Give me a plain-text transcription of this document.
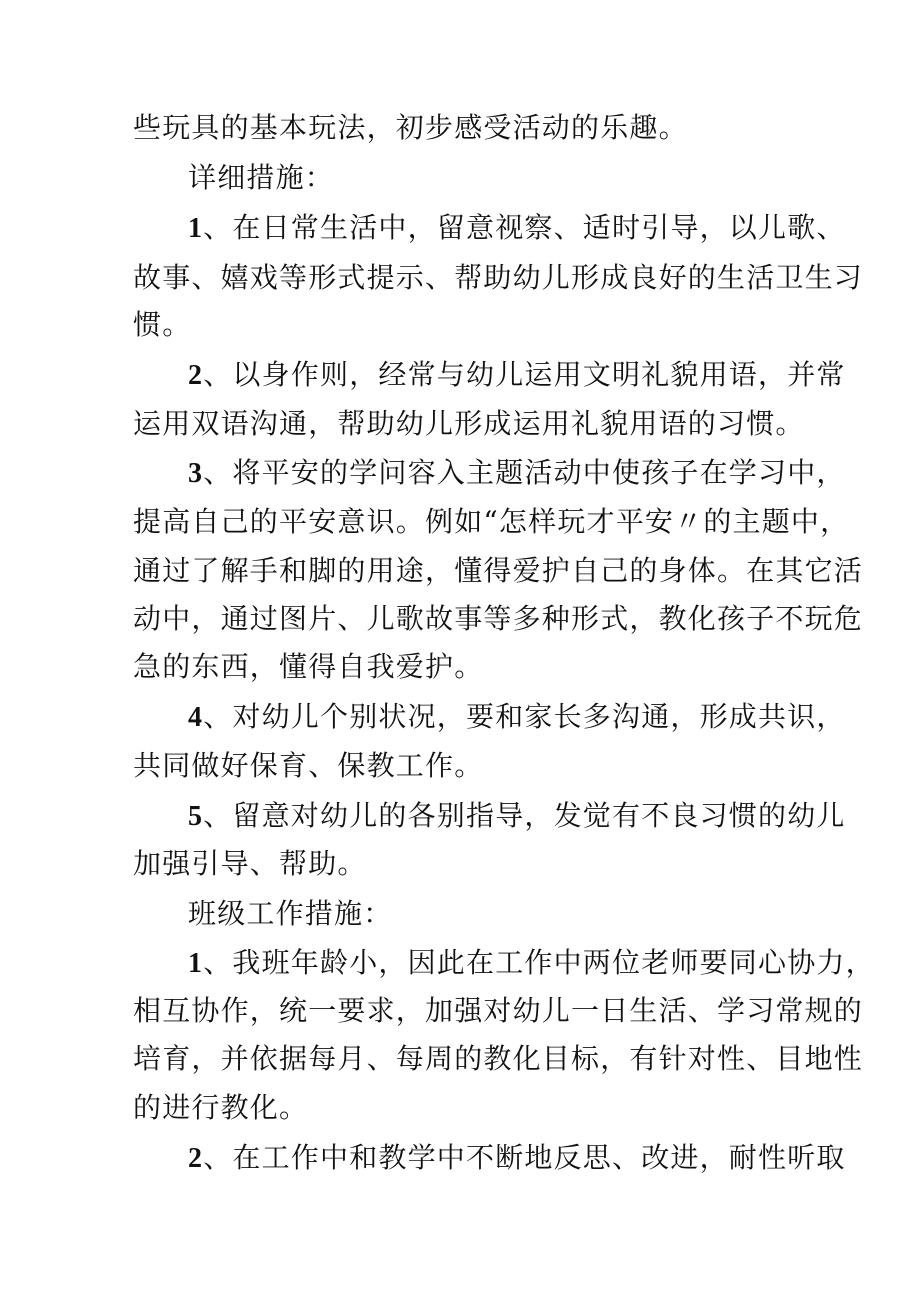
些玩具的基本玩法，初步感受活动的乐趣。
详细措施：
1、在日常生活中，留意视察、适时引导，以儿歌、
故事、嬉戏等形式提示、帮助幼儿形成良好的生活卫生习
惯。
2、以身作则，经常与幼儿运用文明礼貌用语，并常
运用双语沟通，帮助幼儿形成运用礼貌用语的习惯。
3、将平安的学问容入主题活动中使孩子在学习中，
提高自己的平安意识。例如“怎样玩才平安〃的主题中，
通过了解手和脚的用途，懂得爱护自己的身体。在其它活
动中，通过图片、儿歌故事等多种形式，教化孩子不玩危
急的东西，懂得自我爱护。
4、对幼儿个别状况，要和家长多沟通，形成共识，
共同做好保育、保教工作。
5、留意对幼儿的各别指导，发觉有不良习惯的幼儿
加强引导、帮助。
班级工作措施：
1、我班年龄小，因此在工作中两位老师要同心协力，
相互协作，统一要求，加强对幼儿一日生活、学习常规的
培育，并依据每月、每周的教化目标，有针对性、目地性
的进行教化。
2、在工作中和教学中不断地反思、改进，耐性听取
